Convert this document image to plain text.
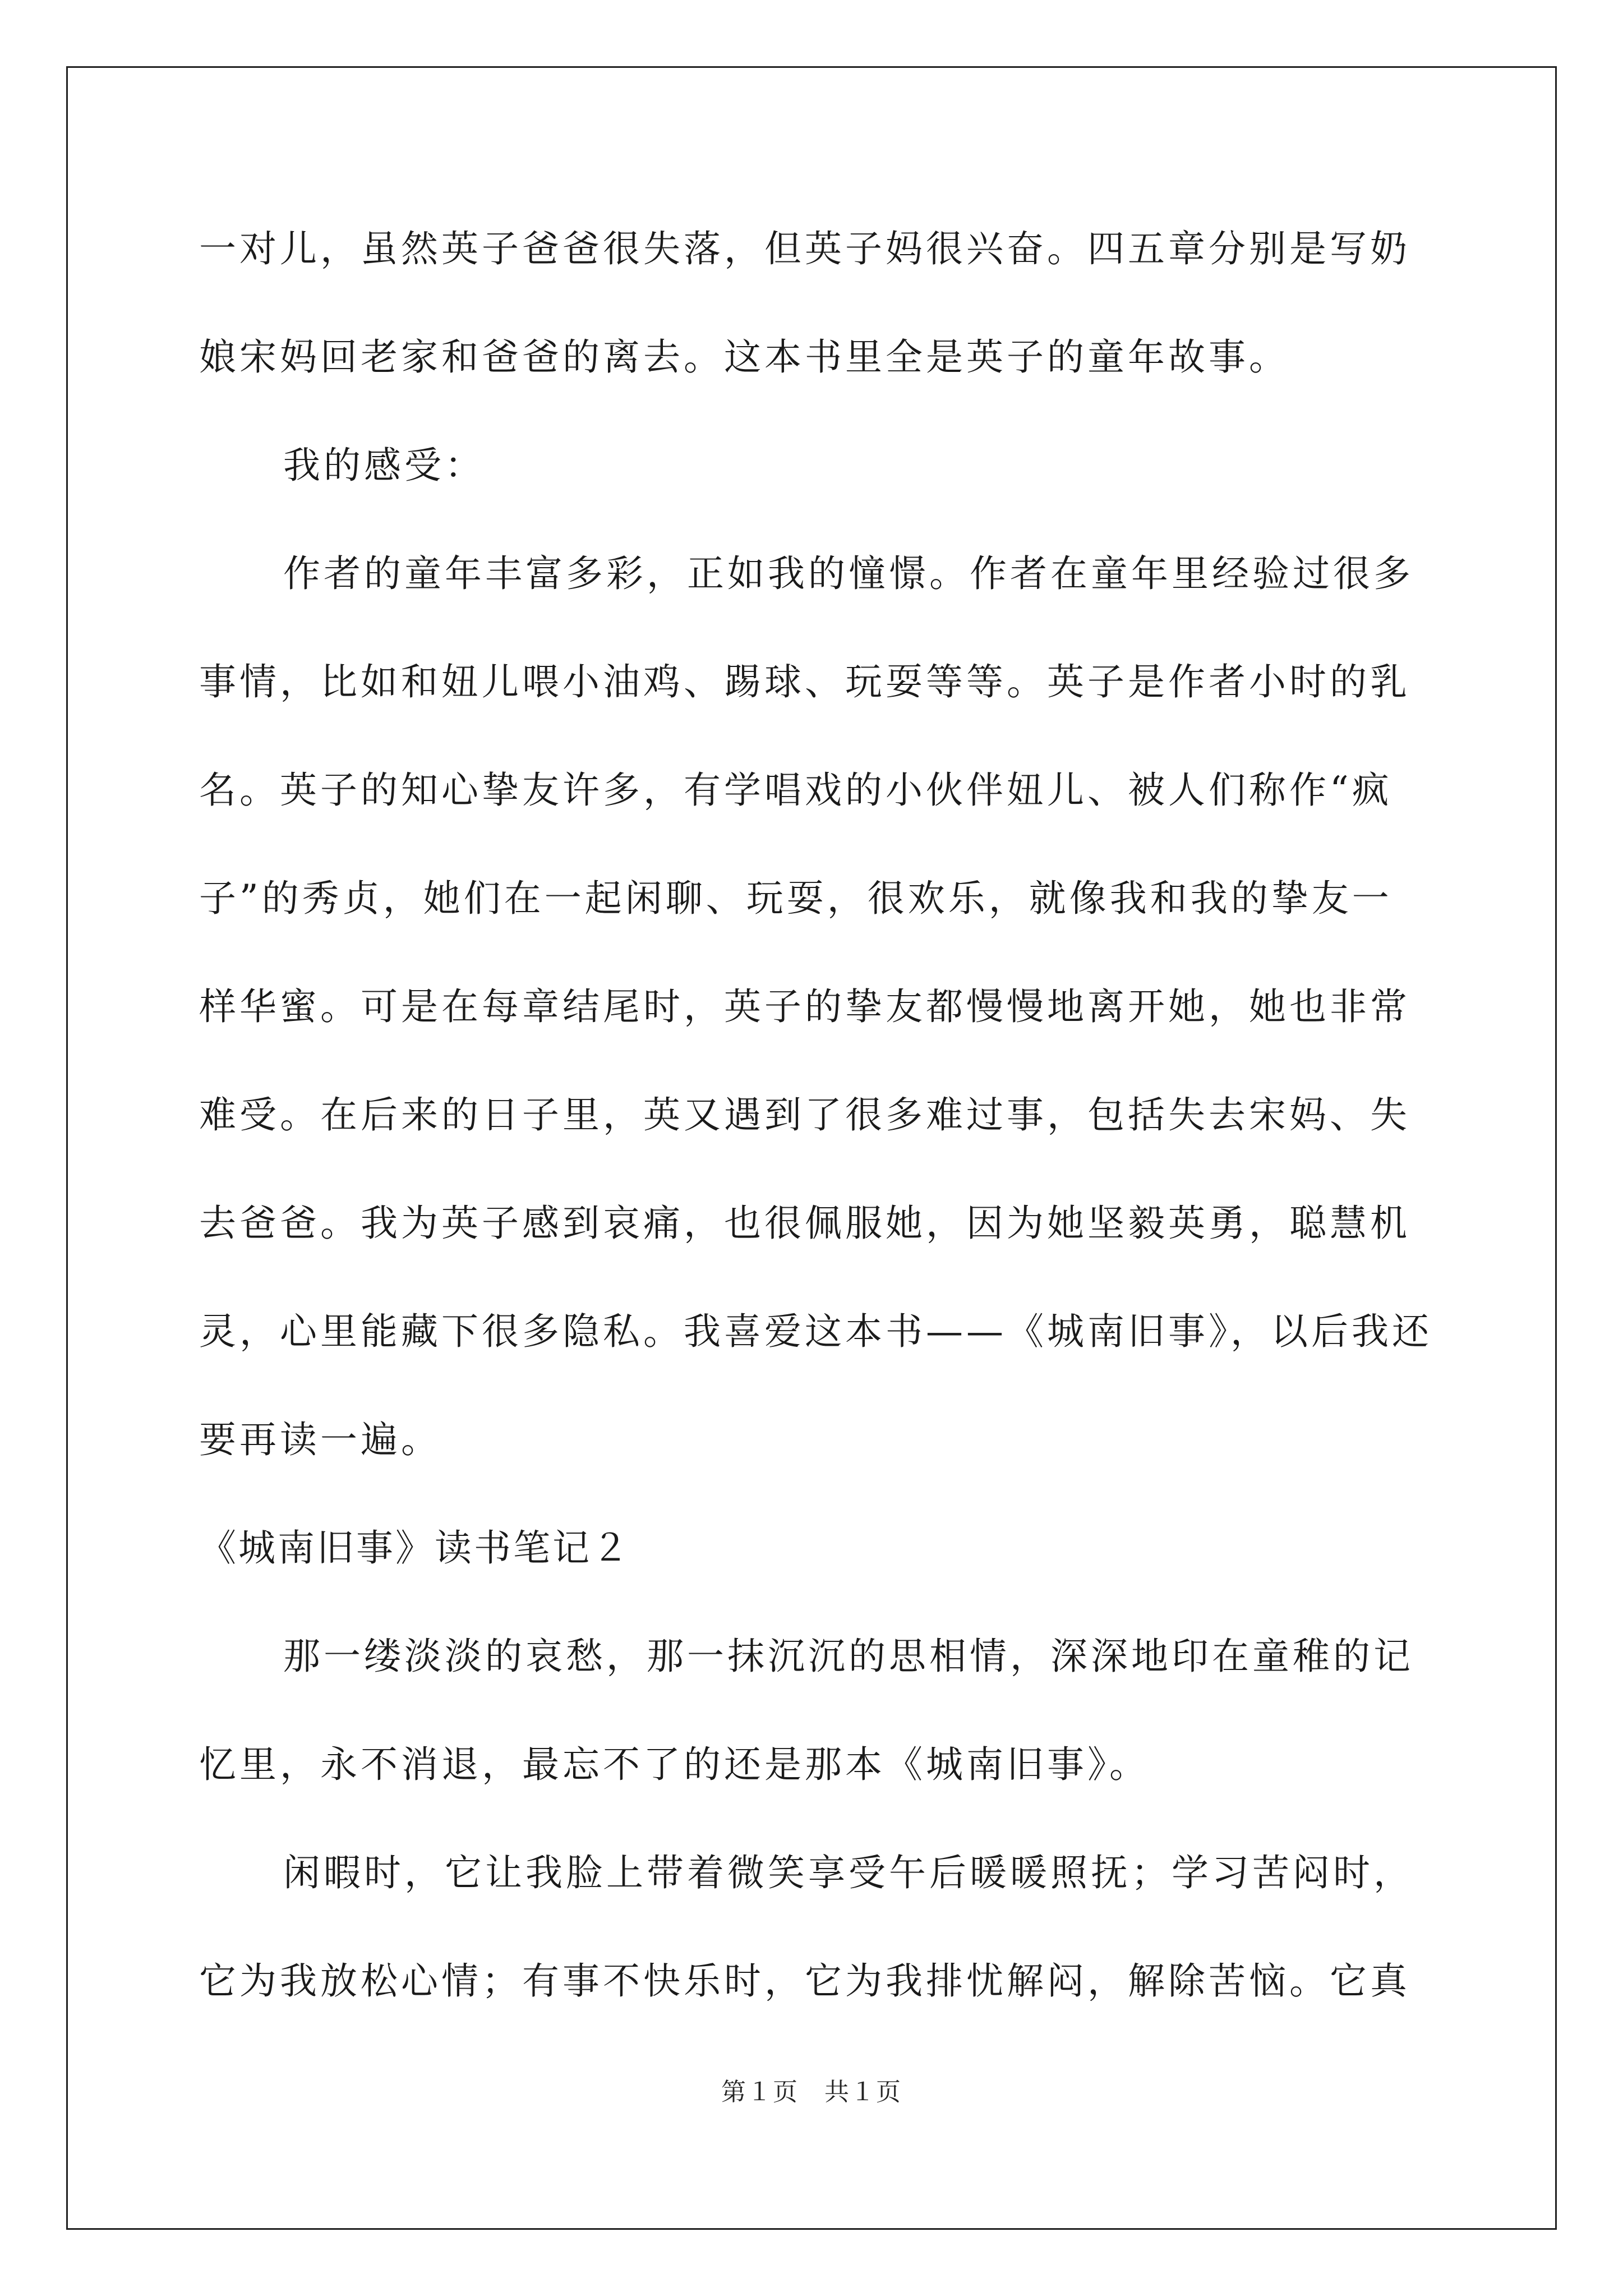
一对儿，虽然英子爸爸很失落，但英子妈很兴奋。四五章分别是写奶
娘宋妈回老家和爸爸的离去。这本书里全是英子的童年故事。
我的感受：
作者的童年丰富多彩，正如我的憧憬。作者在童年里经验过很多
事情，比如和妞儿喂小油鸡、踢球、玩耍等等。英子是作者小时的乳
名。英子的知心挚友许多，有学唱戏的小伙伴妞儿、被人们称作“疯
子”的秀贞，她们在一起闲聊、玩耍，很欢乐，就像我和我的挚友一
样华蜜。可是在每章结尾时，英子的挚友都慢慢地离开她，她也非常
难受。在后来的日子里，英又遇到了很多难过事，包括失去宋妈、失
去爸爸。我为英子感到哀痛，也很佩服她，因为她坚毅英勇，聪慧机
灵，心里能藏下很多隐私。我喜爱这本书——《城南旧事》，以后我还
要再读一遍。
《城南旧事》读书笔记２
那一缕淡淡的哀愁，那一抹沉沉的思相情，深深地印在童稚的记
忆里，永不消退，最忘不了的还是那本《城南旧事》。
闲暇时，它让我脸上带着微笑享受午后暖暖照抚；学习苦闷时，
它为我放松心情；有事不快乐时，它为我排忧解闷，解除苦恼。它真
第１页　共１页
